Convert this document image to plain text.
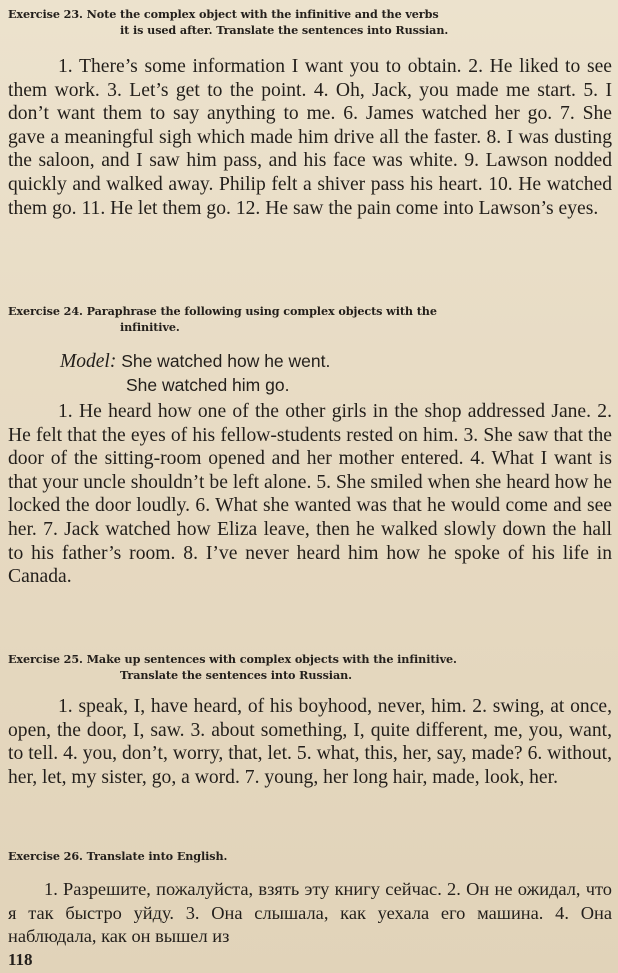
Exercise 23. Note the complex object with the infinitive and the verbs
it is used after. Translate the sentences into Russian.

1. There’s some information I want you to obtain. 2. He liked to see them work. 3. Let’s get to the point. 4. Oh, Jack, you made me start. 5. I don’t want them to say anything to me. 6. James watched her go. 7. She gave a meaningful sigh which made him drive all the faster. 8. I was dusting the saloon, and I saw him pass, and his face was white. 9. Lawson nodded quickly and walked away. Philip felt a shiver pass his heart. 10. He watched them go. 11. He let them go. 12. He saw the pain come into Lawson’s eyes.

Exercise 24. Paraphrase the following using complex objects with the
infinitive.
Model: She watched how he went.
She watched him go.

1. He heard how one of the other girls in the shop addressed Jane. 2. He felt that the eyes of his fellow-students rested on him. 3. She saw that the door of the sitting-room opened and her mother entered. 4. What I want is that your uncle shouldn’t be left alone. 5. She smiled when she heard how he locked the door loudly. 6. What she wanted was that he would come and see her. 7. Jack watched how Eliza leave, then he walked slowly down the hall to his father’s room. 8. I’ve never heard him how he spoke of his life in Canada.

Exercise 25. Make up sentences with complex objects with the infinitive.
Translate the sentences into Russian.

1. speak, I, have heard, of his boyhood, never, him. 2. swing, at once, open, the door, I, saw. 3. about something, I, quite different, me, you, want, to tell. 4. you, don’t, worry, that, let. 5. what, this, her, say, made? 6. without, her, let, my sister, go, a word. 7. young, her long hair, made, look, her.

Exercise 26. Translate into English.

1. Разрешите, пожалуйста, взять эту книгу сейчас. 2. Он не ожидал, что я так быстро уйду. 3. Она слышала, как уехала его машина. 4. Она наблюдала, как он вышел из

118
